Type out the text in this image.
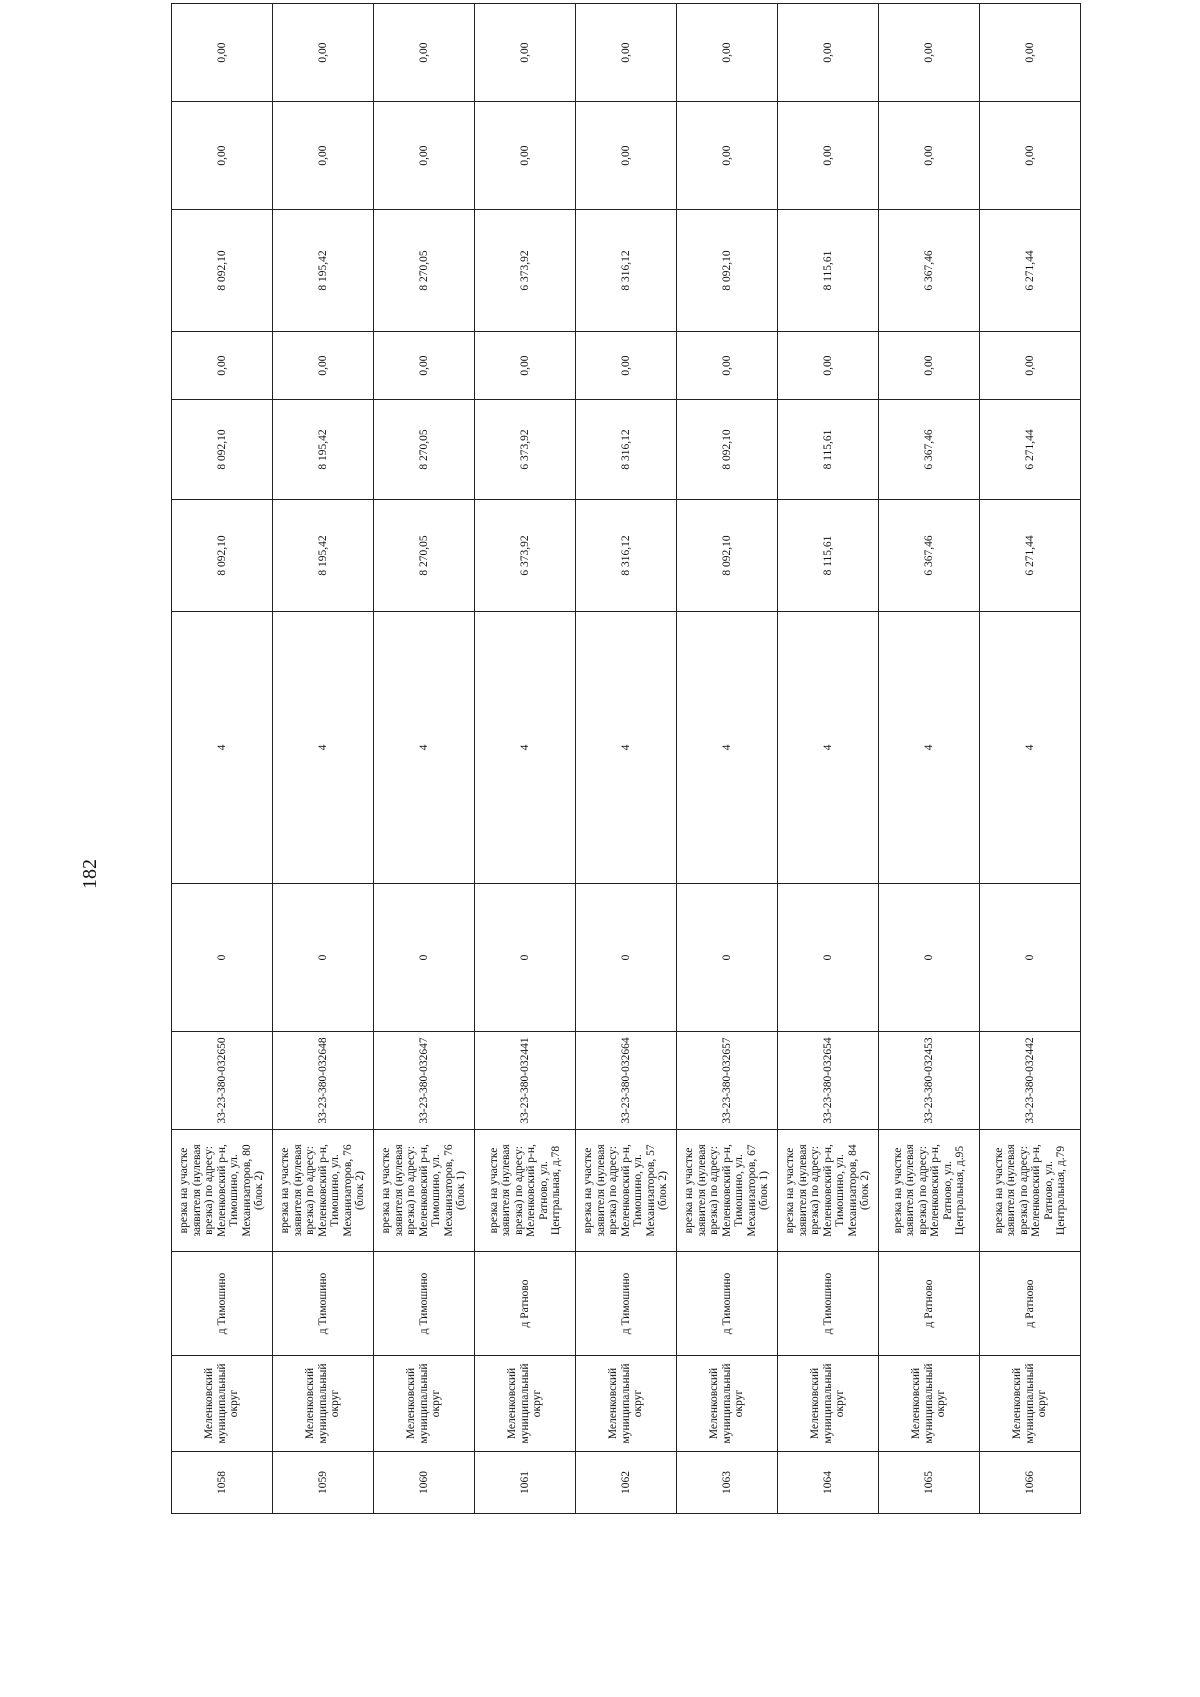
182
1058	Меленковский муниципальный округ	д Тимошино	врезка на участке заявителя (нулевая врезка) по адресу: Меленковский р-н, Тимошино, ул. Механизаторов, 80 (блок 2)	33-23-380-032650	0	4	8 092,10	8 092,10	0,00	8 092,10	0,00	0,00
1059	Меленковский муниципальный округ	д Тимошино	врезка на участке заявителя (нулевая врезка) по адресу: Меленковский р-н, Тимошино, ул. Механизаторов, 76 (блок 2)	33-23-380-032648	0	4	8 195,42	8 195,42	0,00	8 195,42	0,00	0,00
1060	Меленковский муниципальный округ	д Тимошино	врезка на участке заявителя (нулевая врезка) по адресу: Меленковский р-н, Тимошино, ул. Механизаторов, 76 (блок 1)	33-23-380-032647	0	4	8 270,05	8 270,05	0,00	8 270,05	0,00	0,00
1061	Меленковский муниципальный округ	д Ратново	врезка на участке заявителя (нулевая врезка) по адресу: Меленковский р-н, Ратново, ул. Центральная, д.78	33-23-380-032441	0	4	6 373,92	6 373,92	0,00	6 373,92	0,00	0,00
1062	Меленковский муниципальный округ	д Тимошино	врезка на участке заявителя (нулевая врезка) по адресу: Меленковский р-н, Тимошино, ул. Механизаторов, 57 (блок 2)	33-23-380-032664	0	4	8 316,12	8 316,12	0,00	8 316,12	0,00	0,00
1063	Меленковский муниципальный округ	д Тимошино	врезка на участке заявителя (нулевая врезка) по адресу: Меленковский р-н, Тимошино, ул. Механизаторов, 67 (блок 1)	33-23-380-032657	0	4	8 092,10	8 092,10	0,00	8 092,10	0,00	0,00
1064	Меленковский муниципальный округ	д Тимошино	врезка на участке заявителя (нулевая врезка) по адресу: Меленковский р-н, Тимошино, ул. Механизаторов, 84 (блок 2)	33-23-380-032654	0	4	8 115,61	8 115,61	0,00	8 115,61	0,00	0,00
1065	Меленковский муниципальный округ	д Ратново	врезка на участке заявителя (нулевая врезка) по адресу: Меленковский р-н, Ратново, ул. Центральная, д.95	33-23-380-032453	0	4	6 367,46	6 367,46	0,00	6 367,46	0,00	0,00
1066	Меленковский муниципальный округ	д Ратново	врезка на участке заявителя (нулевая врезка) по адресу: Меленковский р-н, Ратново, ул. Центральная, д.79	33-23-380-032442	0	4	6 271,44	6 271,44	0,00	6 271,44	0,00	0,00
